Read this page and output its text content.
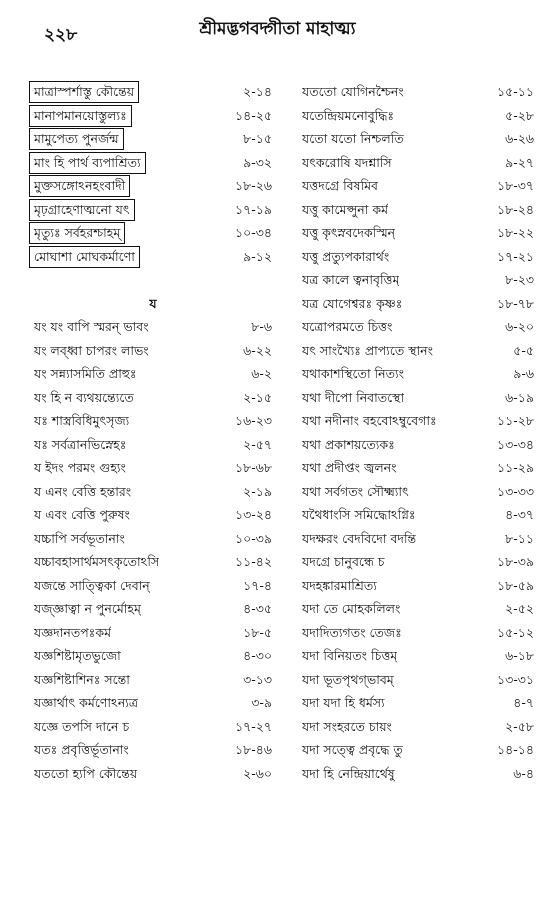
২২৮	শ্রীমদ্ভগবদ্গীতা মাহাত্ম্য
মাত্রাস্পর্শাস্তু কৌন্তেয়	২-১৪
মানাপমানয়োস্তুল্যঃ	১৪-২৫
মামুপেত্য পুনর্জন্ম	৮-১৫
মাং হি পার্থ ব্যপাশ্রিত্য	৯-৩২
মুক্তসঙ্গোঽনহংবাদী	১৮-২৬
মৃঢ়গ্রাহেণাত্মনো যৎ	১৭-১৯
মৃত্যুঃ সর্বহরশ্চাহম্	১০-৩৪
মোঘাশা মোঘকর্মাণো	৯-১২
য
যং যং বাপি স্মরন্ ভাবং	৮-৬
যং লব্ধ্বা চাপরং লাভং	৬-২২
যং সন্ন্যাসমিতি প্রাহুঃ	৬-২
যং হি ন ব্যথয়ন্ত্যেতে	২-১৫
যঃ শাস্ত্রবিধিমুৎসৃজ্য	১৬-২৩
যঃ সর্বত্রানভিস্নেহঃ	২-৫৭
য ইদং পরমং গুহ্যং	১৮-৬৮
য এনং বেত্তি হন্তারং	২-১৯
য এবং বেত্তি পুরুষং	১৩-২৪
যচ্চাপি সর্বভূতানাং	১০-৩৯
যচ্চাবহাসার্থমসৎকৃতোঽসি	১১-৪২
যজন্তে সাত্ত্বিকা দেবান্	১৭-৪
যজ্‌জ্ঞাত্বা ন পুনর্মোহম্	৪-৩৫
যজ্ঞদানতপঃকর্ম	১৮-৫
যজ্ঞশিষ্টামৃতভুজো	৪-৩০
যজ্ঞশিষ্টাশিনঃ সন্তো	৩-১৩
যজ্ঞার্থাৎ কর্মণোঽন্যত্র	৩-৯
যজ্ঞে তপসি দানে চ	১৭-২৭
যতঃ প্রবৃত্তির্ভূতানাং	১৮-৪৬
যততো হ্যপি কৌন্তেয়	২-৬০
যততো যোগিনশ্চৈনং	১৫-১১
যতেন্দ্রিয়মনোবুদ্ধিঃ	৫-২৮
যতো যতো নিশ্চলতি	৬-২৬
যৎকরোষি যদশ্নাসি	৯-২৭
যত্তদগ্রে বিষমিব	১৮-৩৭
যত্তু কামেপ্সুনা কর্ম	১৮-২৪
যত্তু কৃৎস্নবদেকস্মিন্	১৮-২২
যত্তু প্রত্যুপকারার্থং	১৭-২১
যত্র কালে ত্বনাবৃত্তিম্	৮-২৩
যত্র যোগেশ্বরঃ কৃষ্ণঃ	১৮-৭৮
যত্রোপরমতে চিত্তং	৬-২০
যৎ সাংখ্যৈঃ প্রাপ্যতে স্থানং	৫-৫
যথাকাশস্থিতো নিত্যং	৯-৬
যথা দীপো নিবাতস্থো	৬-১৯
যথা নদীনাং বহবোঽম্বুবেগাঃ	১১-২৮
যথা প্রকাশয়ত্যেকঃ	১৩-৩৪
যথা প্রদীপ্তং জ্বলনং	১১-২৯
যথা সর্বগতং সৌক্ষ্ম্যাৎ	১৩-৩৩
যথৈধাংসি সমিদ্ধোঽগ্নিঃ	৪-৩৭
যদক্ষরং বেদবিদো বদন্তি	৮-১১
যদগ্রে চানুবন্ধে চ	১৮-৩৯
যদহঙ্কারমাশ্রিত্য	১৮-৫৯
যদা তে মোহকলিলং	২-৫২
যদাদিত্যগতং তেজঃ	১৫-১২
যদা বিনিয়তং চিত্তম্	৬-১৮
যদা ভূতপৃথগ্ভাবম্	১৩-৩১
যদা যদা হি ধর্মস্য	৪-৭
যদা সংহরতে চায়ং	২-৫৮
যদা সত্ত্বে প্রবৃদ্ধে তু	১৪-১৪
যদা হি নেন্দ্রিয়ার্থেষু	৬-৪
